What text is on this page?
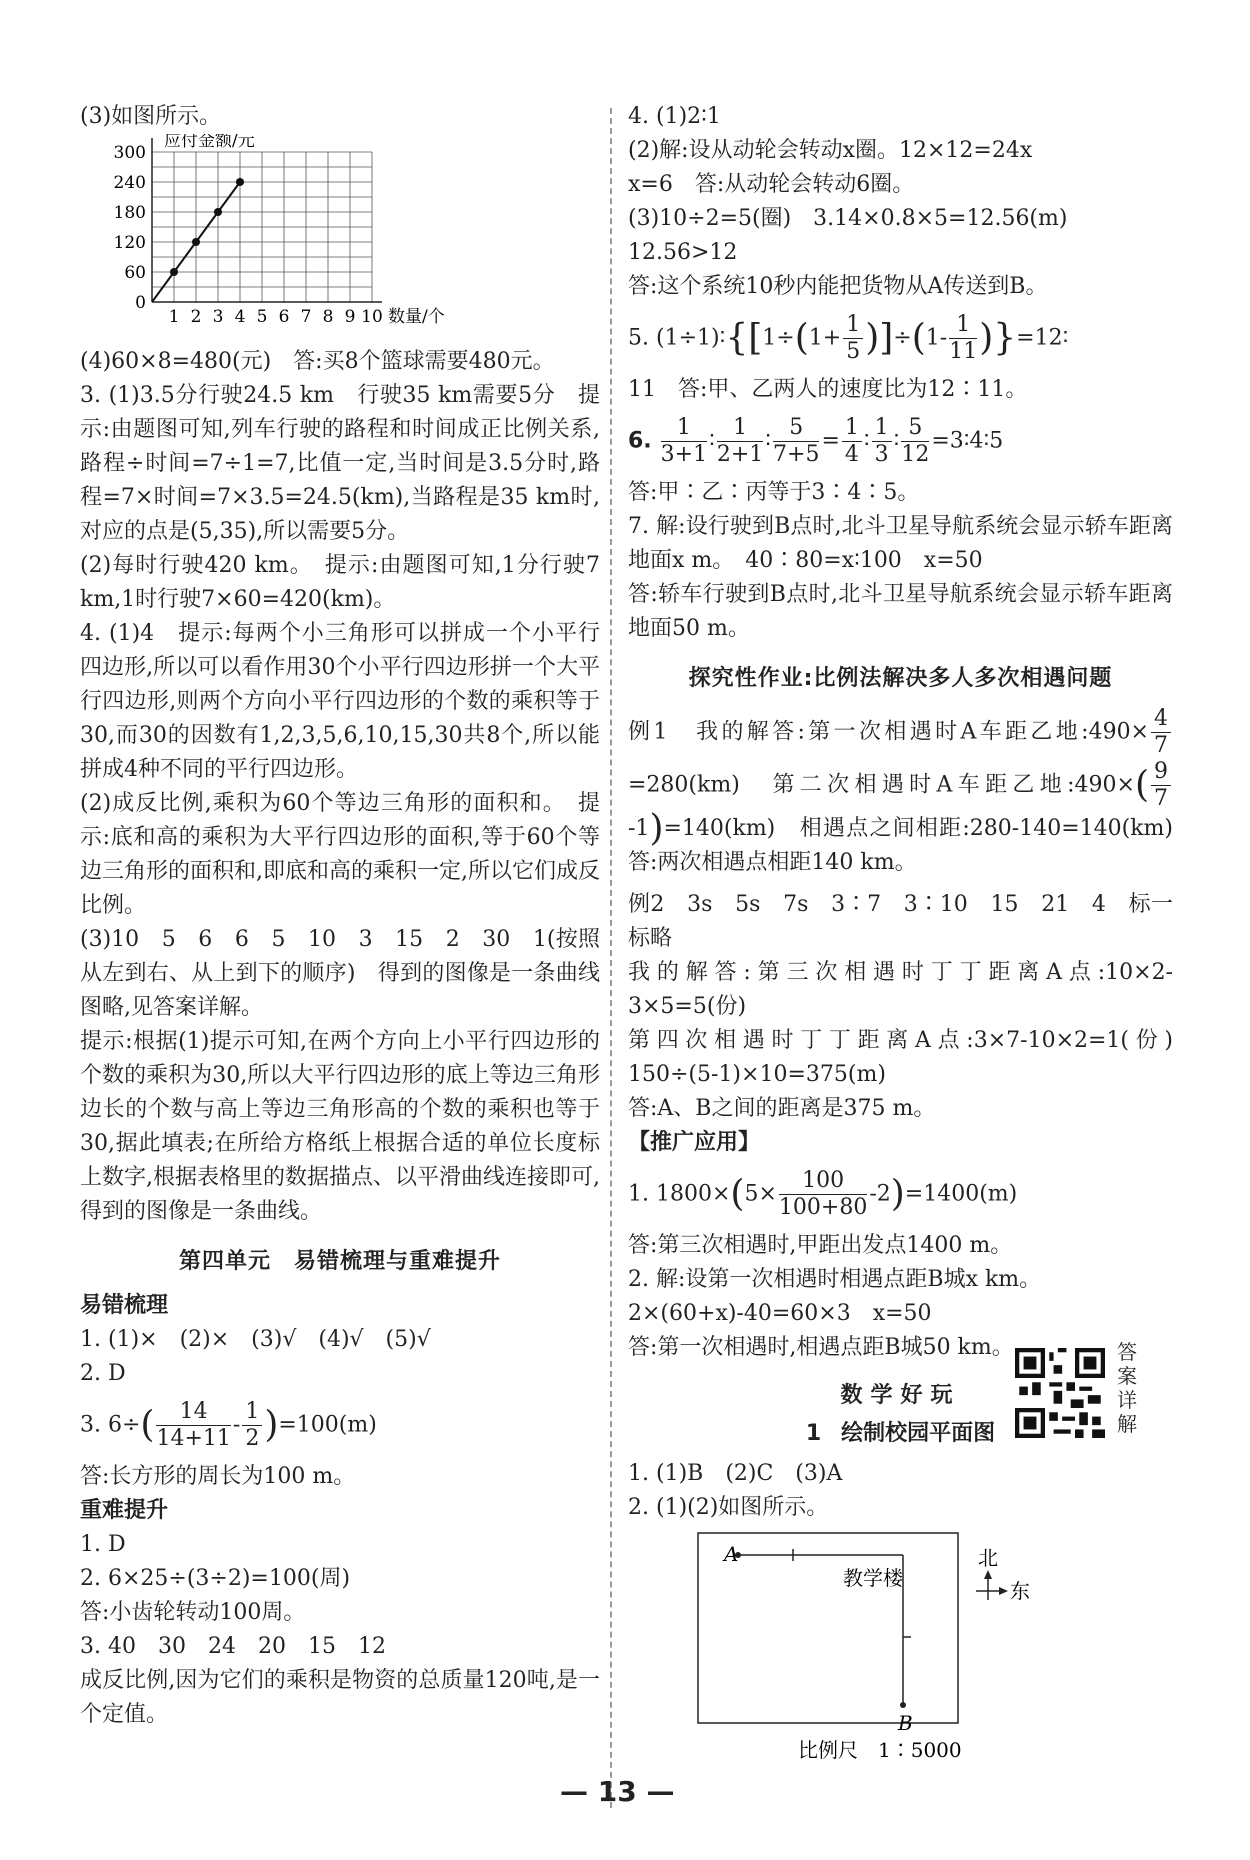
(3)如图所示。

0
60
120
180
240
300
1 2 3 4 5 6 7 8 9 10
应付金额/元
数量/个

(4)60×8=480(元)　答:买8个篮球需要480元。

3. (1)3.5分行驶24.5 km　行驶35 km需要5分　提示:由题图可知,列车行驶的路程和时间成正比例关系,路程÷时间=7÷1=7,比值一定,当时间是3.5分时,路程=7×时间=7×3.5=24.5(km),当路程是35 km时,对应的点是(5,35),所以需要5分。

(2)每时行驶420 km。　提示:由题图可知,1分行驶7 km,1时行驶7×60=420(km)。

4. (1)4　提示:每两个小三角形可以拼成一个小平行四边形,所以可以看作用30个小平行四边形拼一个大平行四边形,则两个方向小平行四边形的个数的乘积等于30,而30的因数有1,2,3,5,6,10,15,30共8个,所以能拼成4种不同的平行四边形。

(2)成反比例,乘积为60个等边三角形的面积和。　提示:底和高的乘积为大平行四边形的面积,等于60个等边三角形的面积和,即底和高的乘积一定,所以它们成反比例。

(3)10　5　6　6　5　10　3　15　2　30　1(按照从左到右、从上到下的顺序)　得到的图像是一条曲线　图略,见答案详解。

提示:根据(1)提示可知,在两个方向上小平行四边形的个数的乘积为30,所以大平行四边形的底上等边三角形边长的个数与高上等边三角形高的个数的乘积也等于30,据此填表;在所给方格纸上根据合适的单位长度标上数字,根据表格里的数据描点、以平滑曲线连接即可,得到的图像是一条曲线。

第四单元　易错梳理与重难提升
易错梳理

1. (1)×　(2)×　(3)√　(4)√　(5)√

2. D

3. $6\div( \frac{14}{14+11} - \frac{1}{2} )=100(m)$

答:长方形的周长为100 m。

重难提升

1. D

2. 6×25÷(3÷2)=100(周)

答:小齿轮转动100周。

3. 40　30　24　20　15　12

成反比例,因为它们的乘积是物资的总质量120吨,是一个定值。

4. (1)2∶1

(2)解:设从动轮会转动x圈。12×12=24x

x=6　答:从动轮会转动6圈。

(3)10÷2=5(圈)　3.14×0.8×5=12.56(m)

12.56>12

答:这个系统10秒内能把货物从A传送到B。

5. (1÷1)∶{[1÷(1+ $\frac{1}{5} )]\div(1- \frac{1}{11}$ )}=12∶

11　答:甲、乙两人的速度比为12∶11。

6. $\frac{1}{3+1}$ ∶ $\frac{1}{2+1}$ ∶ $\frac{5}{7+5} = \frac{1}{4}$ ∶ $\frac{1}{3}$ ∶ $\frac{5}{12}$ =3∶4∶5

答:甲∶乙∶丙等于3∶4∶5。

7. 解:设行驶到B点时,北斗卫星导航系统会显示轿车距离地面x m。　40∶80=x∶100　x=50

答:轿车行驶到B点时,北斗卫星导航系统会显示轿车距离地面50 m。

探究性作业:比例法解决多人多次相遇问题
例1　我的解答:第一次相遇时A车距乙地:490× $\frac{4}{7}$
=280(km)　第二次相遇时A车距乙地:490×( $\frac{9}{7}$
-1)=140(km)　相遇点之间相距:280-140=140(km)　答:两次相遇点相距140 km。

例2　3s　5s　7s　3∶7　3∶10　15　21　4　标一标略

我的解答:第三次相遇时丁丁距离A点:10×2-3×5=5(份)

第四次相遇时丁丁距离A点:3×7-10×2=1(份)　150÷(5-1)×10=375(m)

答:A、B之间的距离是375 m。

【推广应用】
1. $1800\times(5\times \frac{100}{100+80} -2)=1400(m)$

答:第三次相遇时,甲距出发点1400 m。

2. 解:设第一次相遇时相遇点距B城x km。

2×(60+x)-40=60×3　x=50

答:第一次相遇时,相遇点距B城50 km。

数学好玩
1 绘制校园平面图

1. (1)B　(2)C　(3)A

2. (1)(2)如图所示。

A
B
教学楼
北
东
比例尺　1∶5000
答案详解
— 13 —
